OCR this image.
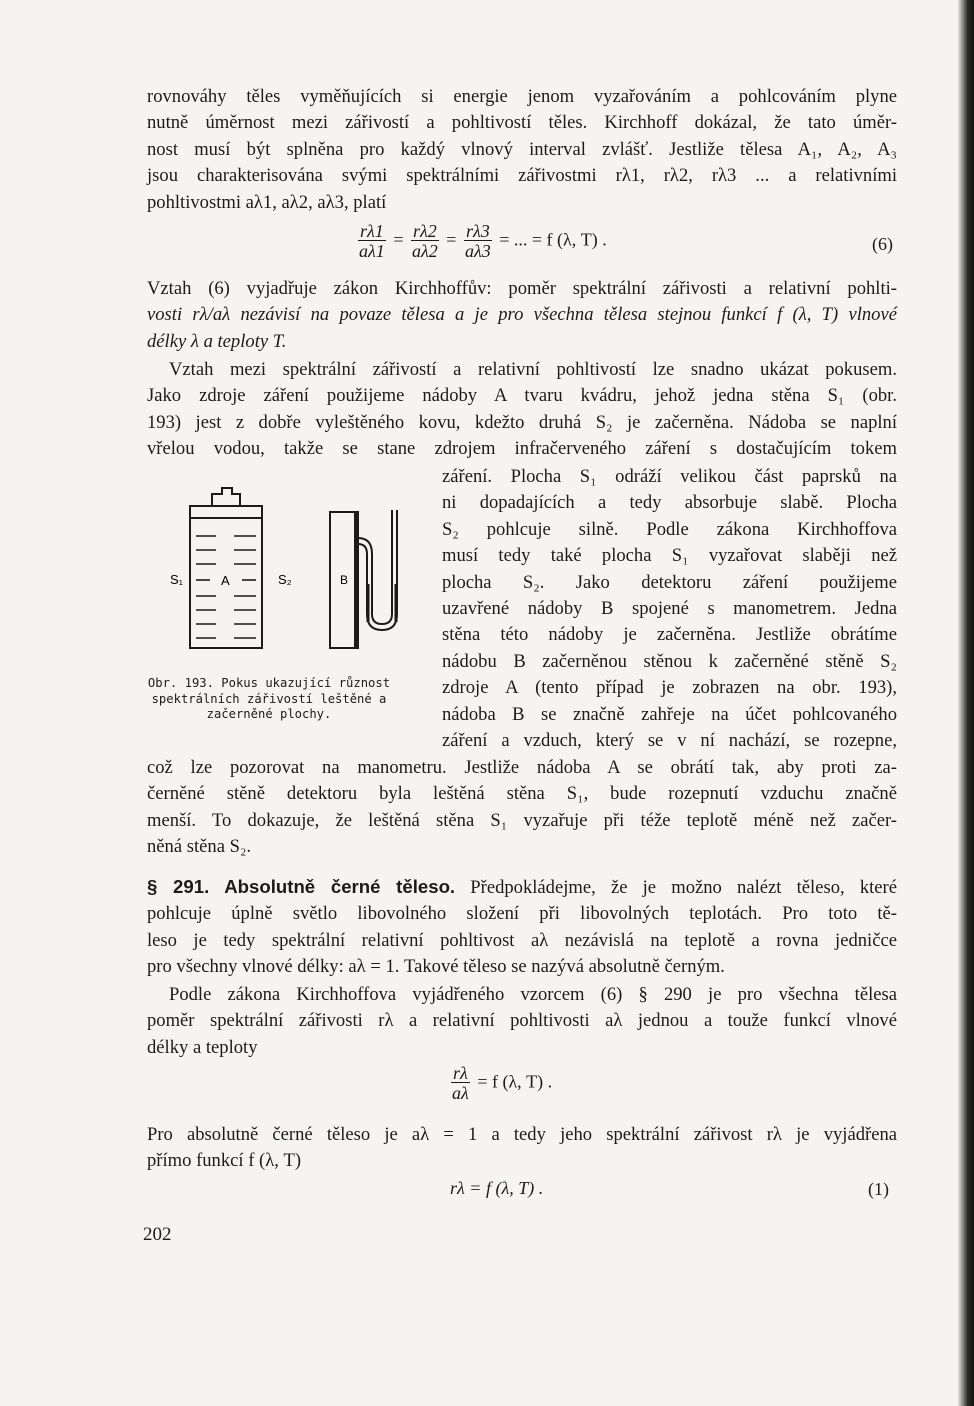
rovnováhy těles vyměňujících si energie jenom vyzařováním a pohlcováním plyne
nutně úměrnost mezi zářivostí a pohltivostí těles. Kirchhoff dokázal, že tato úměr-
nost musí být splněna pro každý vlnový interval zvlášť. Jestliže tělesa A₁, A₂, A₃
jsou charakterisována svými spektrálními zářivostmi rλ1, rλ2, rλ3 ... a relativními
pohltivostmi aλ1, aλ2, aλ3, platí
$\frac{r\lambda 1}{a\lambda 1} = \frac{r\lambda 2}{a\lambda 2} = \frac{r\lambda 3}{a\lambda 3}$ = ... = f (λ, T) .	(6)
Vztah (6) vyjadřuje zákon Kirchhoffův: poměr spektrální zářivosti a relativní pohlti-
vosti rλ/aλ nezávisí na povaze tělesa a je pro všechna tělesa stejnou funkcí f (λ, T) vlnové
délky λ a teploty T.
Vztah mezi spektrální zářivostí a relativní pohltivostí lze snadno ukázat pokusem.
Jako zdroje záření použijeme nádoby A tvaru kvádru, jehož jedna stěna S₁ (obr.
193) jest z dobře vyleštěného kovu, kdežto druhá S₂ je začerněna. Nádoba se naplní
vřelou vodou, takže se stane zdrojem infračerveného záření s dostačujícím tokem
záření. Plocha S₁ odráží velikou část paprsků na
ni dopadajících a tedy absorbuje slabě. Plocha
S₂ pohlcuje silně. Podle zákona Kirchhoffova
musí tedy také plocha S₁ vyzařovat slaběji než
plocha S₂. Jako detektoru záření použijeme
uzavřené nádoby B spojené s manometrem. Jedna
stěna této nádoby je začerněna. Jestliže obrátíme
nádobu B začerněnou stěnou k začerněné stěně S₂
zdroje A (tento případ je zobrazen na obr. 193),
nádoba B se značně zahřeje na účet pohlcovaného
záření a vzduch, který se v ní nachází, se rozepne,
S₁	A	S₂	B
Obr. 193. Pokus ukazující různost spektrálních zářivostí leštěné a začerněné plochy.
což lze pozorovat na manometru. Jestliže nádoba A se obrátí tak, aby proti za-
černěné stěně detektoru byla leštěná stěna S₁, bude rozepnutí vzduchu značně
menší. To dokazuje, že leštěná stěna S₁ vyzařuje při téže teplotě méně než začer-
něná stěna S₂.
§ 291. Absolutně černé těleso. Předpokládejme, že je možno nalézt těleso, které
pohlcuje úplně světlo libovolného složení při libovolných teplotách. Pro toto tě-
leso je tedy spektrální relativní pohltivost aλ nezávislá na teplotě a rovna jedničce
pro všechny vlnové délky: aλ = 1. Takové těleso se nazývá absolutně černým.
Podle zákona Kirchhoffova vyjádřeného vzorcem (6) § 290 je pro všechna tělesa
poměr spektrální zářivosti rλ a relativní pohltivosti aλ jednou a touže funkcí vlnové
délky a teploty
$\frac{r\lambda}{a\lambda} = f$ (λ, T) .
Pro absolutně černé těleso je aλ = 1 a tedy jeho spektrální zářivost rλ je vyjádřena
přímo funkcí f (λ, T)
rλ = f (λ, T) .	(1)
202
